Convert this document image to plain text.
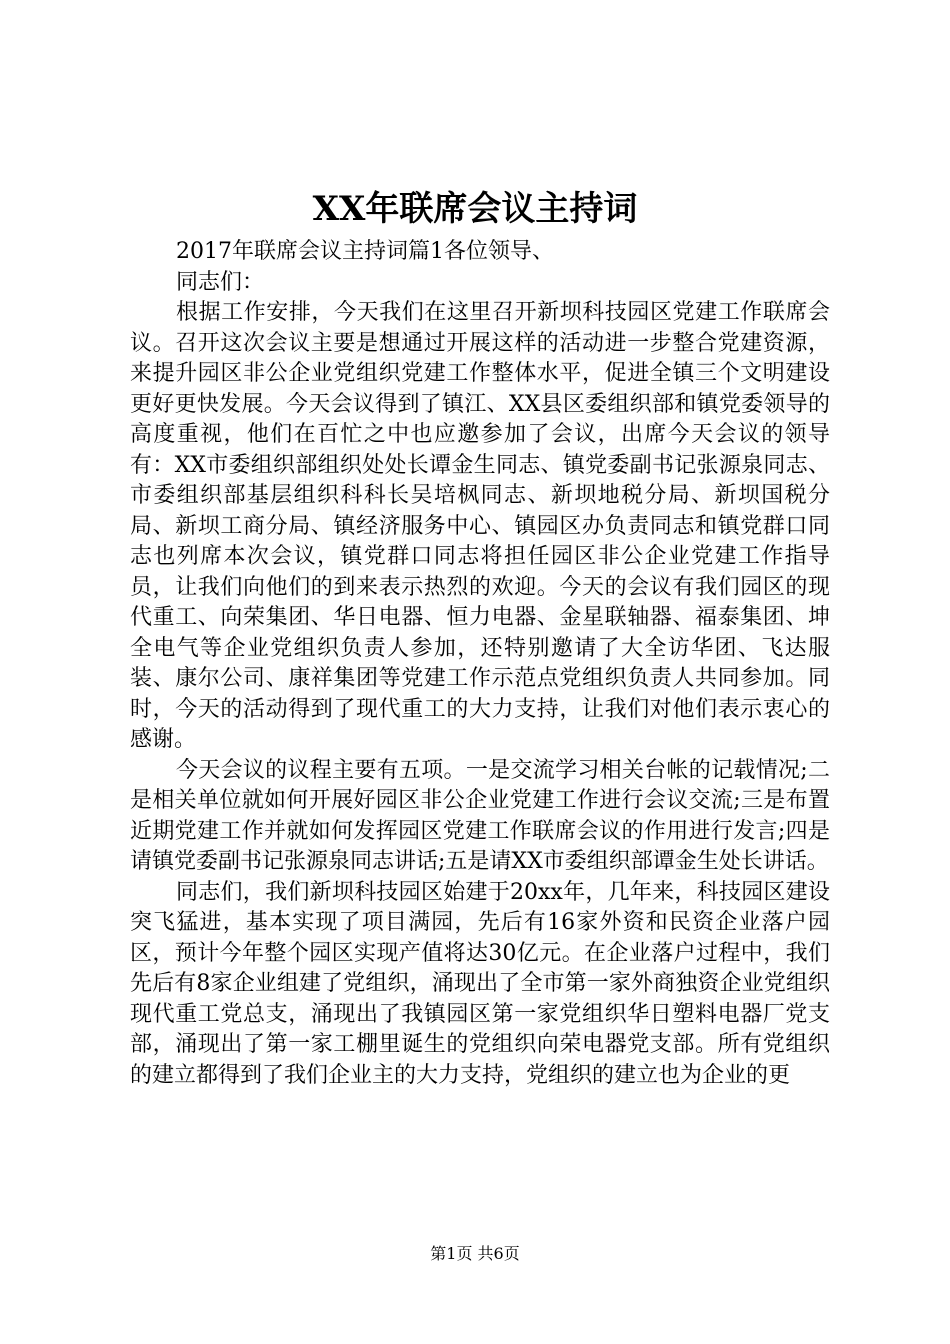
XX年联席会议主持词

2017年联席会议主持词篇1各位领导、

同志们：

根据工作安排，今天我们在这里召开新坝科技园区党建工作联席会议。召开这次会议主要是想通过开展这样的活动进一步整合党建资源，来提升园区非公企业党组织党建工作整体水平，促进全镇三个文明建设更好更快发展。今天会议得到了镇江、XX县区委组织部和镇党委领导的高度重视，他们在百忙之中也应邀参加了会议，出席今天会议的领导有：XX市委组织部组织处处长谭金生同志、镇党委副书记张源泉同志、市委组织部基层组织科科长吴培枫同志、新坝地税分局、新坝国税分局、新坝工商分局、镇经济服务中心、镇园区办负责同志和镇党群口同志也列席本次会议，镇党群口同志将担任园区非公企业党建工作指导员，让我们向他们的到来表示热烈的欢迎。今天的会议有我们园区的现代重工、向荣集团、华日电器、恒力电器、金星联轴器、福泰集团、坤全电气等企业党组织负责人参加，还特别邀请了大全访华团、飞达服装、康尔公司、康祥集团等党建工作示范点党组织负责人共同参加。同时，今天的活动得到了现代重工的大力支持，让我们对他们表示衷心的感谢。

今天会议的议程主要有五项。一是交流学习相关台帐的记载情况;二是相关单位就如何开展好园区非公企业党建工作进行会议交流;三是布置近期党建工作并就如何发挥园区党建工作联席会议的作用进行发言;四是请镇党委副书记张源泉同志讲话;五是请XX市委组织部谭金生处长讲话。

同志们，我们新坝科技园区始建于20xx年，几年来，科技园区建设突飞猛进，基本实现了项目满园，先后有16家外资和民资企业落户园区，预计今年整个园区实现产值将达30亿元。在企业落户过程中，我们先后有8家企业组建了党组织，涌现出了全市第一家外商独资企业党组织现代重工党总支，涌现出了我镇园区第一家党组织华日塑料电器厂党支部，涌现出了第一家工棚里诞生的党组织向荣电器党支部。所有党组织的建立都得到了我们企业主的大力支持，党组织的建立也为企业的更

第1页 共6页
